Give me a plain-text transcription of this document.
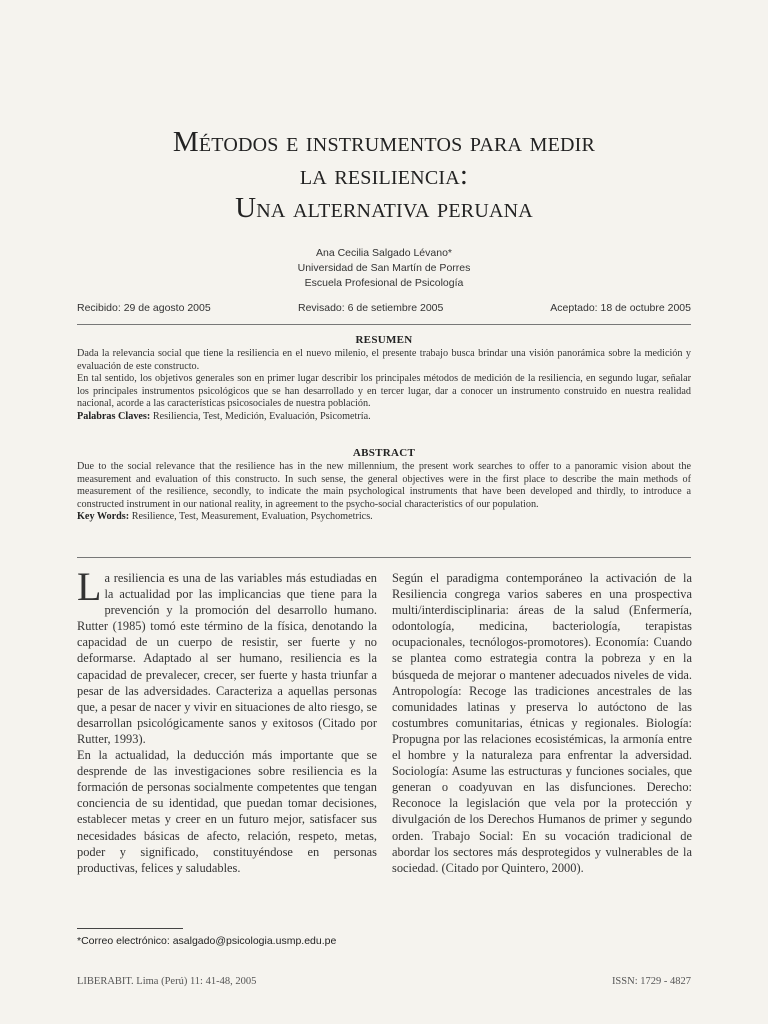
Métodos e instrumentos para medir
la resiliencia:
Una alternativa peruana
Ana Cecilia Salgado Lévano*
Universidad de San Martín de Porres
Escuela Profesional de Psicología
Recibido: 29 de agosto 2005	Revisado: 6 de setiembre 2005	Aceptado: 18 de octubre 2005
RESUMEN

Dada la relevancia social que tiene la resiliencia en el nuevo milenio, el presente trabajo busca brindar una visión panorámica sobre la medición y evaluación de este constructo.

En tal sentido, los objetivos generales son en primer lugar describir los principales métodos de medición de la resiliencia, en segundo lugar, señalar los principales instrumentos psicológicos que se han desarrollado y en tercer lugar, dar a conocer un instrumento construido en nuestra realidad nacional, acorde a las características psicosociales de nuestra población.

Palabras Claves: Resiliencia, Test, Medición, Evaluación, Psicometría.

ABSTRACT

Due to the social relevance that the resilience has in the new millennium, the present work searches to offer to a panoramic vision about the measurement and evaluation of this constructo. In such sense, the general objectives were in the first place to describe the main methods of measurement of the resilience, secondly, to indicate the main psychological instruments that have been developed and thirdly, to introduce a constructed instrument in our national reality, in agreement to the psycho-social characteristics of our population.

Key Words: Resilience, Test, Measurement, Evaluation, Psychometrics.

La resiliencia es una de las variables más estudiadas en la actualidad por las implicancias que tiene para la prevención y la promoción del desarrollo humano. Rutter (1985) tomó este término de la física, denotando la capacidad de un cuerpo de resistir, ser fuerte y no deformarse. Adaptado al ser humano, resiliencia es la capacidad de prevalecer, crecer, ser fuerte y hasta triunfar a pesar de las adversidades. Caracteriza a aquellas personas que, a pesar de nacer y vivir en situaciones de alto riesgo, se desarrollan psicológicamente sanos y exitosos (Citado por Rutter, 1993).

En la actualidad, la deducción más importante que se desprende de las investigaciones sobre resiliencia es la formación de personas socialmente competentes que tengan conciencia de su identidad, que puedan tomar decisiones, establecer metas y creer en un futuro mejor, satisfacer sus necesidades básicas de afecto, relación, respeto, metas, poder y significado, constituyéndose en personas productivas, felices y saludables.

Según el paradigma contemporáneo la activación de la Resiliencia congrega varios saberes en una prospectiva multi/interdisciplinaria: áreas de la salud (Enfermería, odontología, medicina, bacteriología, terapistas ocupacionales, tecnólogos-promotores). Economía: Cuando se plantea como estrategia contra la pobreza y en la búsqueda de mejorar o mantener adecuados niveles de vida. Antropología: Recoge las tradiciones ancestrales de las comunidades latinas y preserva lo autóctono de las costumbres comunitarias, étnicas y regionales. Biología: Propugna por las relaciones ecosistémicas, la armonía entre el hombre y la naturaleza para enfrentar la adversidad. Sociología: Asume las estructuras y funciones sociales, que generan o coadyuvan en las disfunciones. Derecho: Reconoce la legislación que vela por la protección y divulgación de los Derechos Humanos de primer y segundo orden. Trabajo Social: En su vocación tradicional de abordar los sectores más desprotegidos y vulnerables de la sociedad. (Citado por Quintero, 2000).

*Correo electrónico: asalgado@psicologia.usmp.edu.pe
LIBERABIT. Lima (Perú) 11: 41-48, 2005	ISSN: 1729 - 4827
